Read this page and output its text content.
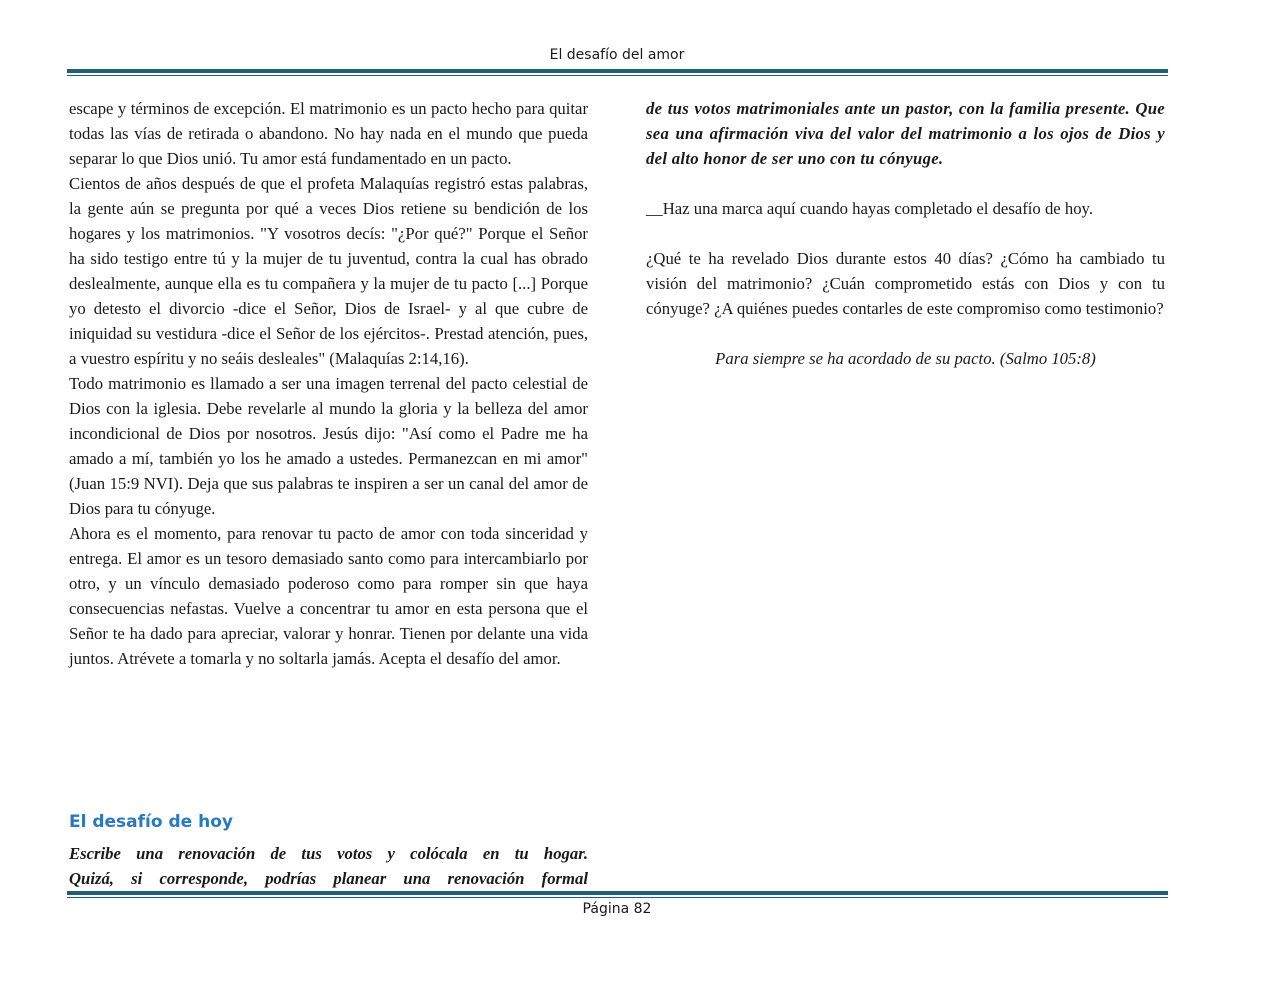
El desafío del amor

escape y términos de excepción. El matrimonio es un pacto hecho para quitar todas las vías de retirada o abandono. No hay nada en el mundo que pueda separar lo que Dios unió. Tu amor está fundamentado en un pacto.

Cientos de años después de que el profeta Malaquías registró estas palabras, la gente aún se pregunta por qué a veces Dios retiene su bendición de los hogares y los matrimonios. "Y vosotros decís: "¿Por qué?" Porque el Señor ha sido testigo entre tú y la mujer de tu juventud, contra la cual has obrado deslealmente, aunque ella es tu compañera y la mujer de tu pacto [...] Porque yo detesto el divorcio -dice el Señor, Dios de Israel- y al que cubre de iniquidad su vestidura -dice el Señor de los ejércitos-. Prestad atención, pues, a vuestro espíritu y no seáis desleales" (Malaquías 2:14,16).

Todo matrimonio es llamado a ser una imagen terrenal del pacto celestial de Dios con la iglesia. Debe revelarle al mundo la gloria y la belleza del amor incondicional de Dios por nosotros. Jesús dijo: "Así como el Padre me ha amado a mí, también yo los he amado a ustedes. Permanezcan en mi amor" (Juan 15:9 NVI). Deja que sus palabras te inspiren a ser un canal del amor de Dios para tu cónyuge.

Ahora es el momento, para renovar tu pacto de amor con toda sinceridad y entrega. El amor es un tesoro demasiado santo como para intercambiarlo por otro, y un vínculo demasiado poderoso como para romper sin que haya consecuencias nefastas. Vuelve a concentrar tu amor en esta persona que el Señor te ha dado para apreciar, valorar y honrar. Tienen por delante una vida juntos. Atrévete a tomarla y no soltarla jamás. Acepta el desafío del amor.

El desafío de hoy
Escribe una renovación de tus votos y colócala en tu hogar.
Quizá, si corresponde, podrías planear una renovación formal

de tus votos matrimoniales ante un pastor, con la familia presente. Que sea una afirmación viva del valor del matrimonio a los ojos de Dios y del alto honor de ser uno con tu cónyuge.

__Haz una marca aquí cuando hayas completado el desafío de hoy.

¿Qué te ha revelado Dios durante estos 40 días? ¿Cómo ha cambiado tu visión del matrimonio? ¿Cuán comprometido estás con Dios y con tu cónyuge? ¿A quiénes puedes contarles de este compromiso como testimonio?

Para siempre se ha acordado de su pacto. (Salmo 105:8)

Página 82
